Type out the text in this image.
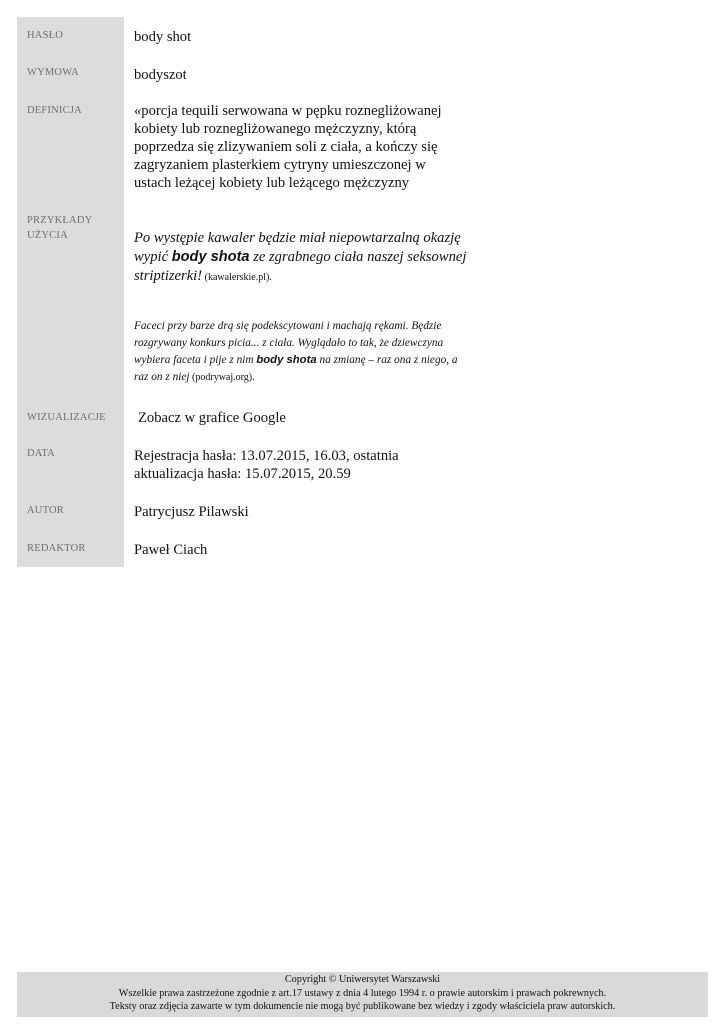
HASŁO	body shot

WYMOWA	bodyszot

DEFINICJA	«porcja tequili serwowana w pępku roznegliżowanej kobiety lub roznegliżowanego mężczyzny, którą poprzedza się zlizywaniem soli z ciała, a kończy się zagryzaniem plasterkiem cytryny umieszczonej w ustach leżącej kobiety lub leżącego mężczyzny

PRZYKŁADY UŻYCIA	Po występie kawaler będzie miał niepowtarzalną okazję wypić body shota ze zgrabnego ciała naszej seksownej striptizerki! (kawalerskie.pl).

Faceci przy barze drą się podekscytowani i machają rękami. Będzie rozgrywany konkurs picia... z ciała. Wyglądało to tak, że dziewczyna wybiera faceta i pije z nim body shota na zmianę – raz ona z niego, a raz on z niej (podrywaj.org).

WIZUALIZACJE Zobacz w grafice Google

DATA	Rejestracja hasła: 13.07.2015, 16.03, ostatnia aktualizacja hasła: 15.07.2015, 20.59

AUTOR	Patrycjusz Pilawski

REDAKTOR	Paweł Ciach

Copyright © Uniwersytet Warszawski
Wszelkie prawa zastrzeżone zgodnie z art.17 ustawy z dnia 4 lutego 1994 r. o prawie autorskim i prawach pokrewnych.
Teksty oraz zdjęcia zawarte w tym dokumencie nie mogą być publikowane bez wiedzy i zgody właściciela praw autorskich.
